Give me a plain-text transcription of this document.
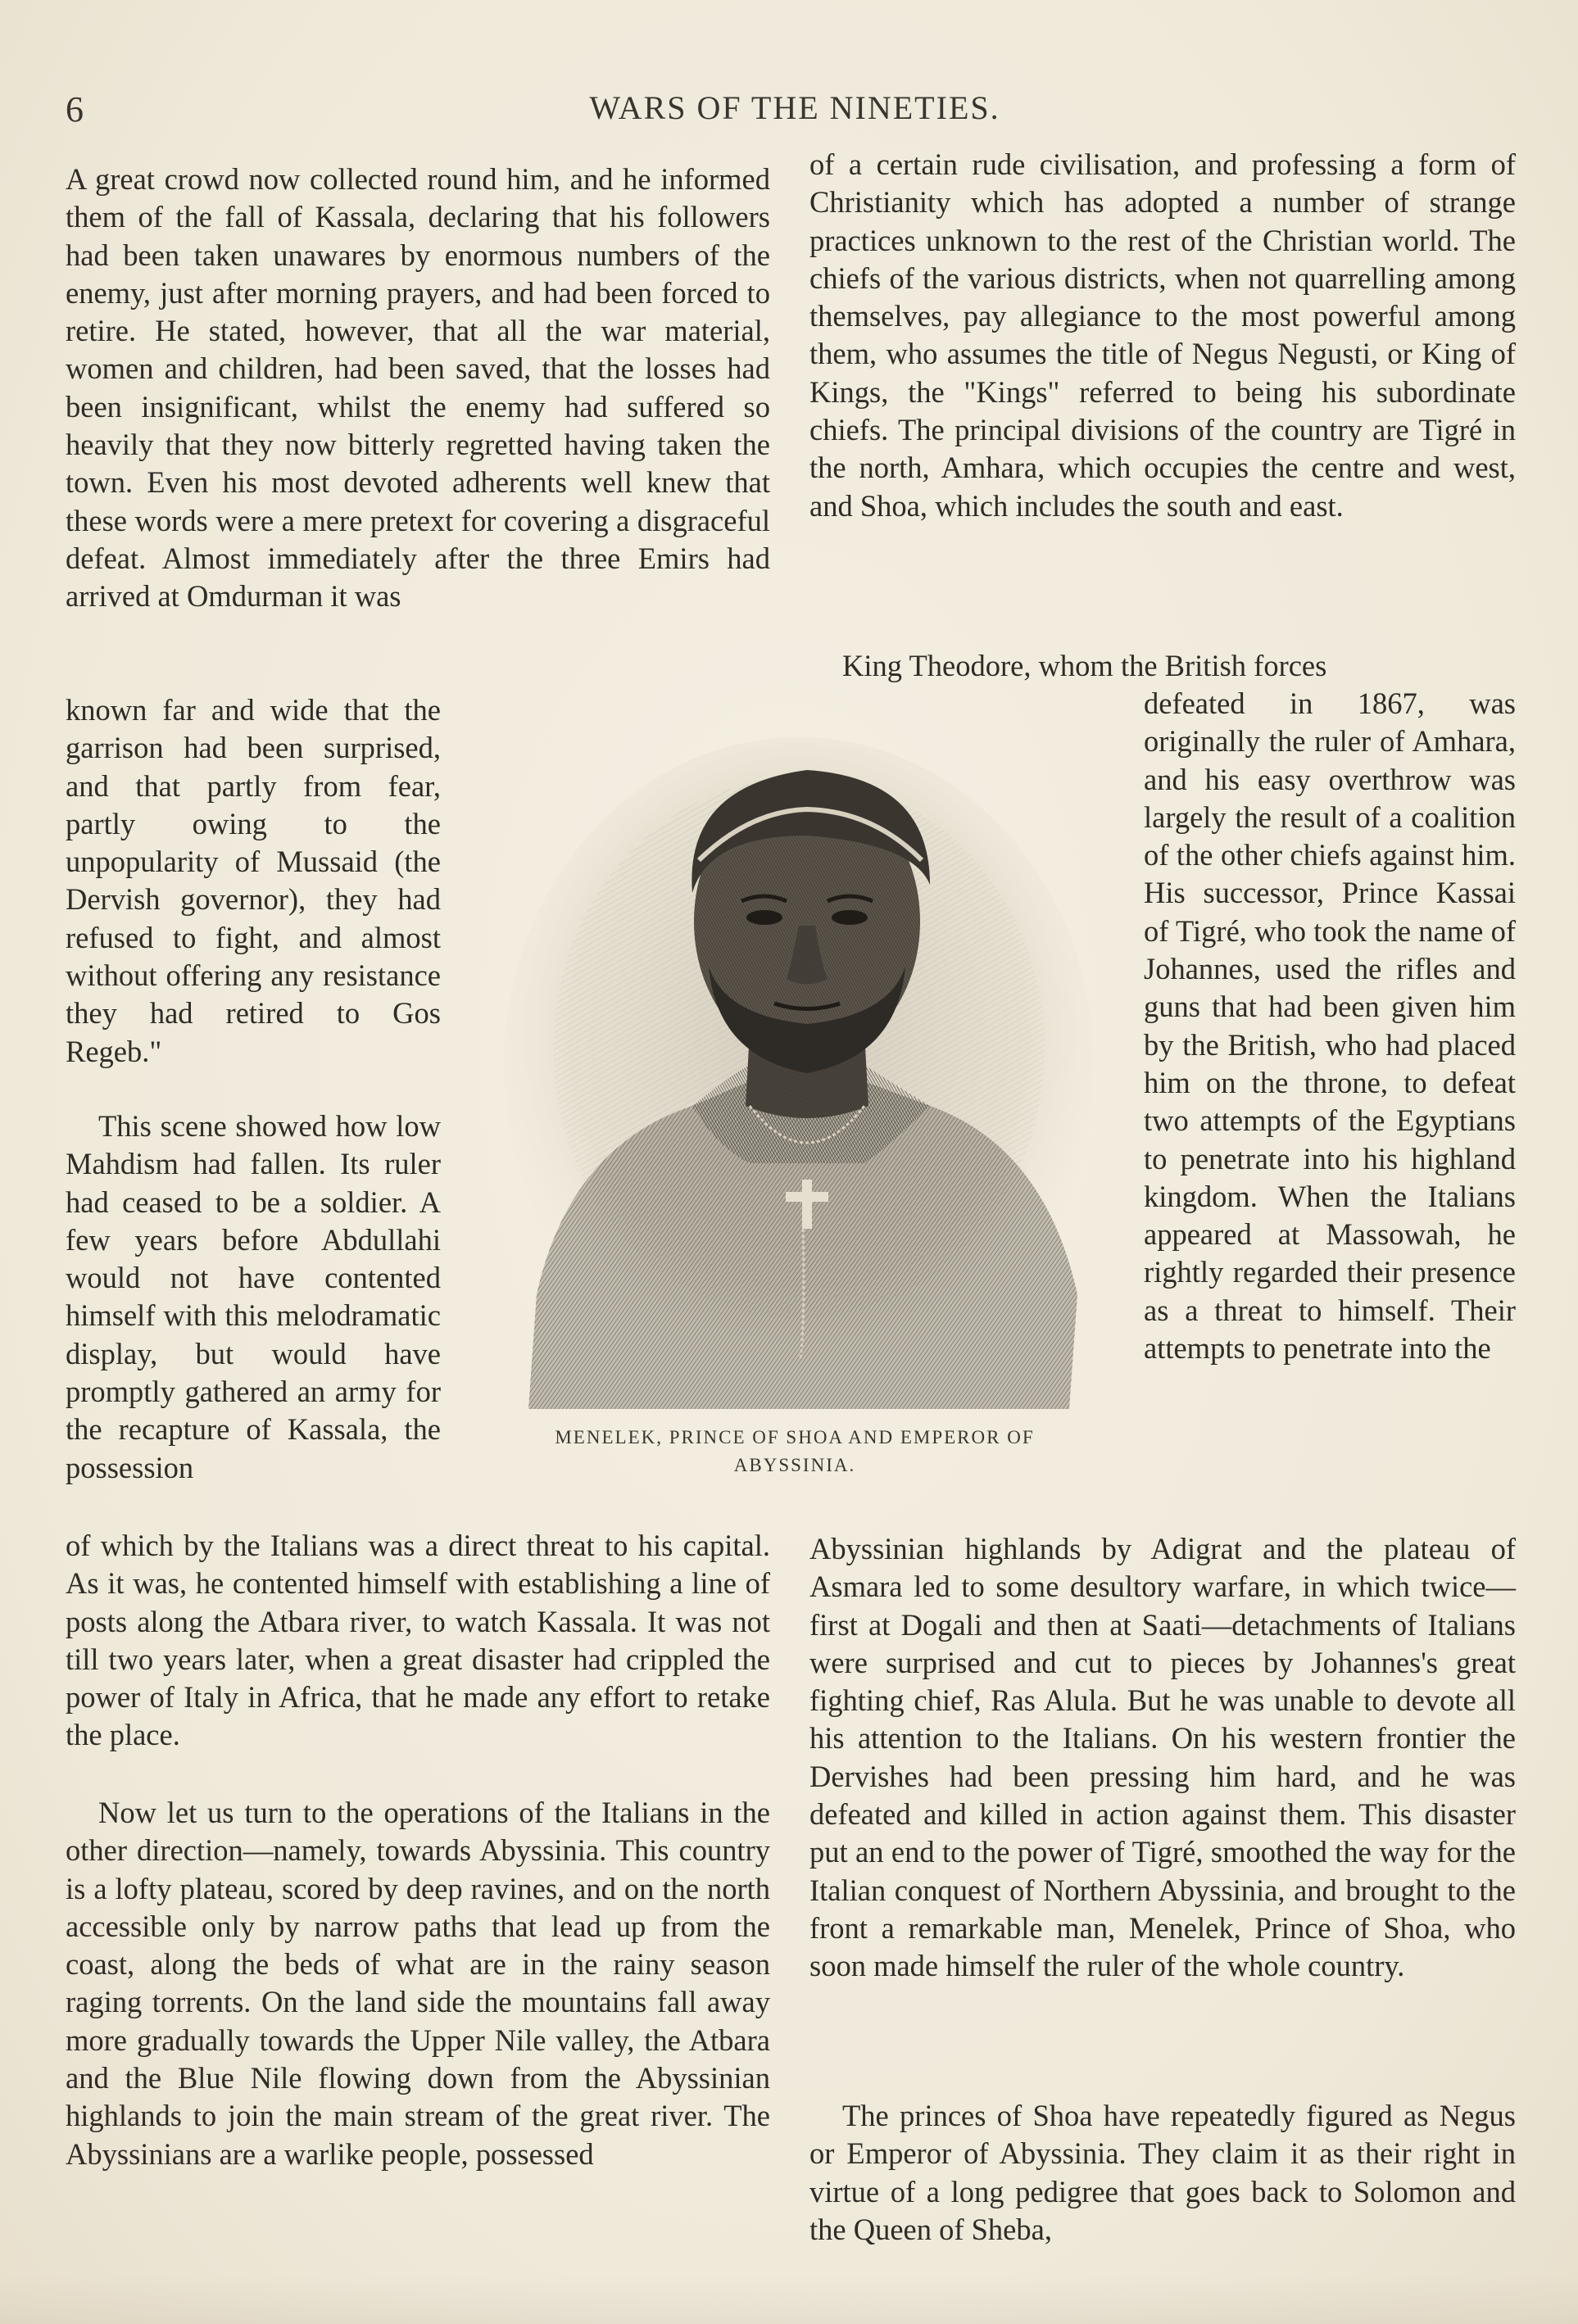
6	WARS OF THE NINETIES.

A great crowd now collected round him, and he informed them of the fall of Kassala, declaring that his followers had been taken unawares by enormous numbers of the enemy, just after morning prayers, and had been forced to retire. He stated, however, that all the war material, women and children, had been saved, that the losses had been insignificant, whilst the enemy had suffered so heavily that they now bitterly regretted having taken the town. Even his most devoted adherents well knew that these words were a mere pretext for covering a disgraceful defeat. Almost immediately after the three Emirs had arrived at Omdurman it was

known far and wide that the garrison had been surprised, and that partly from fear, partly owing to the unpopularity of Mussaid (the Dervish governor), they had refused to fight, and almost without offering any resistance they had retired to Gos Regeb."

This scene showed how low Mahdism had fallen. Its ruler had ceased to be a soldier. A few years before Abdullahi would not have contented himself with this melodramatic display, but would have promptly gathered an army for the recapture of Kassala, the possession

of which by the Italians was a direct threat to his capital. As it was, he contented himself with establishing a line of posts along the Atbara river, to watch Kassala. It was not till two years later, when a great disaster had crippled the power of Italy in Africa, that he made any effort to retake the place.

Now let us turn to the operations of the Italians in the other direction—namely, towards Abyssinia. This country is a lofty plateau, scored by deep ravines, and on the north accessible only by narrow paths that lead up from the coast, along the beds of what are in the rainy season raging torrents. On the land side the mountains fall away more gradually towards the Upper Nile valley, the Atbara and the Blue Nile flowing down from the Abyssinian highlands to join the main stream of the great river. The Abyssinians are a warlike people, possessed

of a certain rude civilisation, and professing a form of Christianity which has adopted a number of strange practices unknown to the rest of the Christian world. The chiefs of the various districts, when not quarrelling among themselves, pay allegiance to the most powerful among them, who assumes the title of Negus Negusti, or King of Kings, the "Kings" referred to being his subordinate chiefs. The principal divisions of the country are Tigré in the north, Amhara, which occupies the centre and west, and Shoa, which includes the south and east.

King Theodore, whom the British forces

defeated in 1867, was originally the ruler of Amhara, and his easy overthrow was largely the result of a coalition of the other chiefs against him. His successor, Prince Kassai of Tigré, who took the name of Johannes, used the rifles and guns that had been given him by the British, who had placed him on the throne, to defeat two attempts of the Egyptians to penetrate into his highland kingdom. When the Italians appeared at Massowah, he rightly regarded their presence as a threat to himself. Their attempts to penetrate into the

Abyssinian highlands by Adigrat and the plateau of Asmara led to some desultory warfare, in which twice—first at Dogali and then at Saati—detachments of Italians were surprised and cut to pieces by Johannes's great fighting chief, Ras Alula. But he was unable to devote all his attention to the Italians. On his western frontier the Dervishes had been pressing him hard, and he was defeated and killed in action against them. This disaster put an end to the power of Tigré, smoothed the way for the Italian conquest of Northern Abyssinia, and brought to the front a remarkable man, Menelek, Prince of Shoa, who soon made himself the ruler of the whole country.

The princes of Shoa have repeatedly figured as Negus or Emperor of Abyssinia. They claim it as their right in virtue of a long pedigree that goes back to Solomon and the Queen of Sheba,

MENELEK, PRINCE OF SHOA AND EMPEROR OF
ABYSSINIA.
